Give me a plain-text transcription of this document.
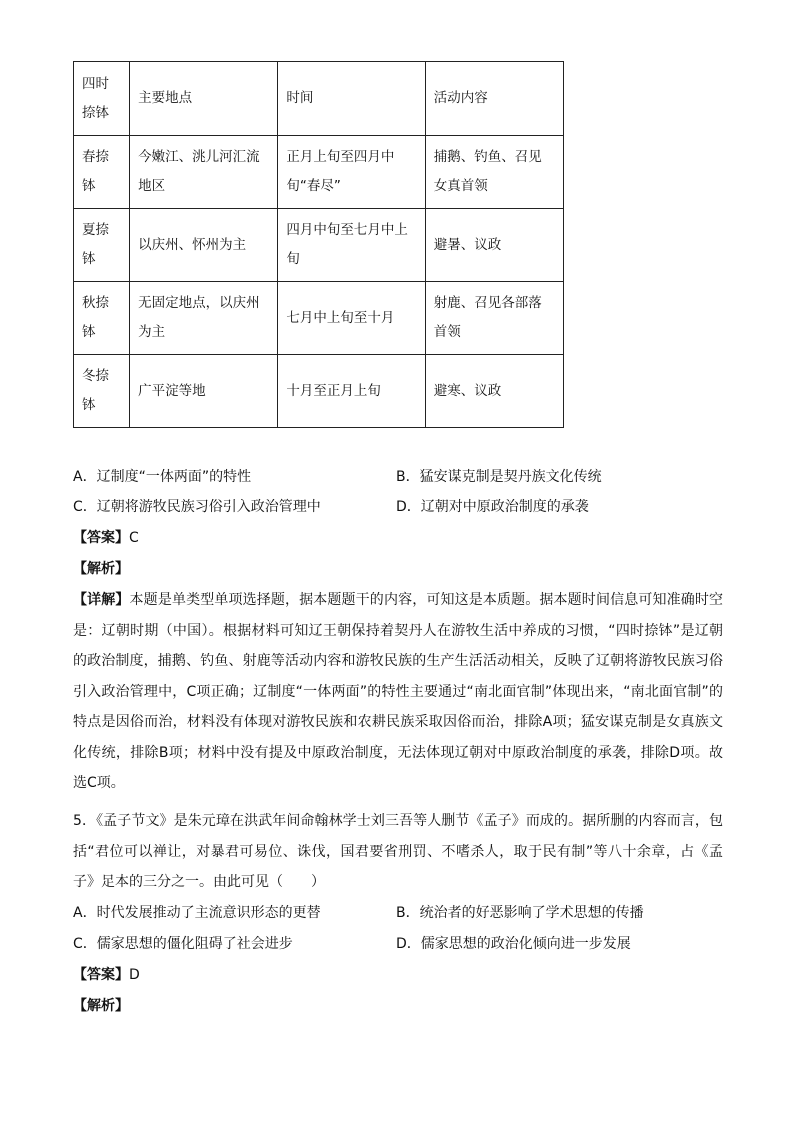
四时捺钵	主要地点	时间	活动内容
春捺钵	今嫩江、洮儿河汇流地区	正月上旬至四月中旬“春尽”	捕鹅、钓鱼、召见女真首领
夏捺钵	以庆州、怀州为主	四月中旬至七月中上旬	避暑、议政
秋捺钵	无固定地点，以庆州为主	七月中上旬至十月	射鹿、召见各部落首领
冬捺钵	广平淀等地	十月至正月上旬	避寒、议政
A．辽制度“一体两面”的特性	B．猛安谋克制是契丹族文化传统
C．辽朝将游牧民族习俗引入政治管理中	D．辽朝对中原政治制度的承袭
【答案】C
【解析】
【详解】本题是单类型单项选择题，据本题题干的内容，可知这是本质题。据本题时间信息可知准确时空是：辽朝时期（中国）。根据材料可知辽王朝保持着契丹人在游牧生活中养成的习惯，“四时捺钵”是辽朝的政治制度，捕鹅、钓鱼、射鹿等活动内容和游牧民族的生产生活活动相关，反映了辽朝将游牧民族习俗引入政治管理中，C项正确；辽制度“一体两面”的特性主要通过“南北面官制”体现出来，“南北面官制”的特点是因俗而治，材料没有体现对游牧民族和农耕民族采取因俗而治，排除A项；猛安谋克制是女真族文化传统，排除B项；材料中没有提及中原政治制度，无法体现辽朝对中原政治制度的承袭，排除D项。故选C项。
5．《孟子节文》是朱元璋在洪武年间命翰林学士刘三吾等人删节《孟子》而成的。据所删的内容而言，包括“君位可以禅让，对暴君可易位、诛伐，国君要省刑罚、不嗜杀人，取于民有制”等八十余章，占《孟子》足本的三分之一。由此可见（　　）
A．时代发展推动了主流意识形态的更替	B．统治者的好恶影响了学术思想的传播
C．儒家思想的僵化阻碍了社会进步	D．儒家思想的政治化倾向进一步发展
【答案】D
【解析】
